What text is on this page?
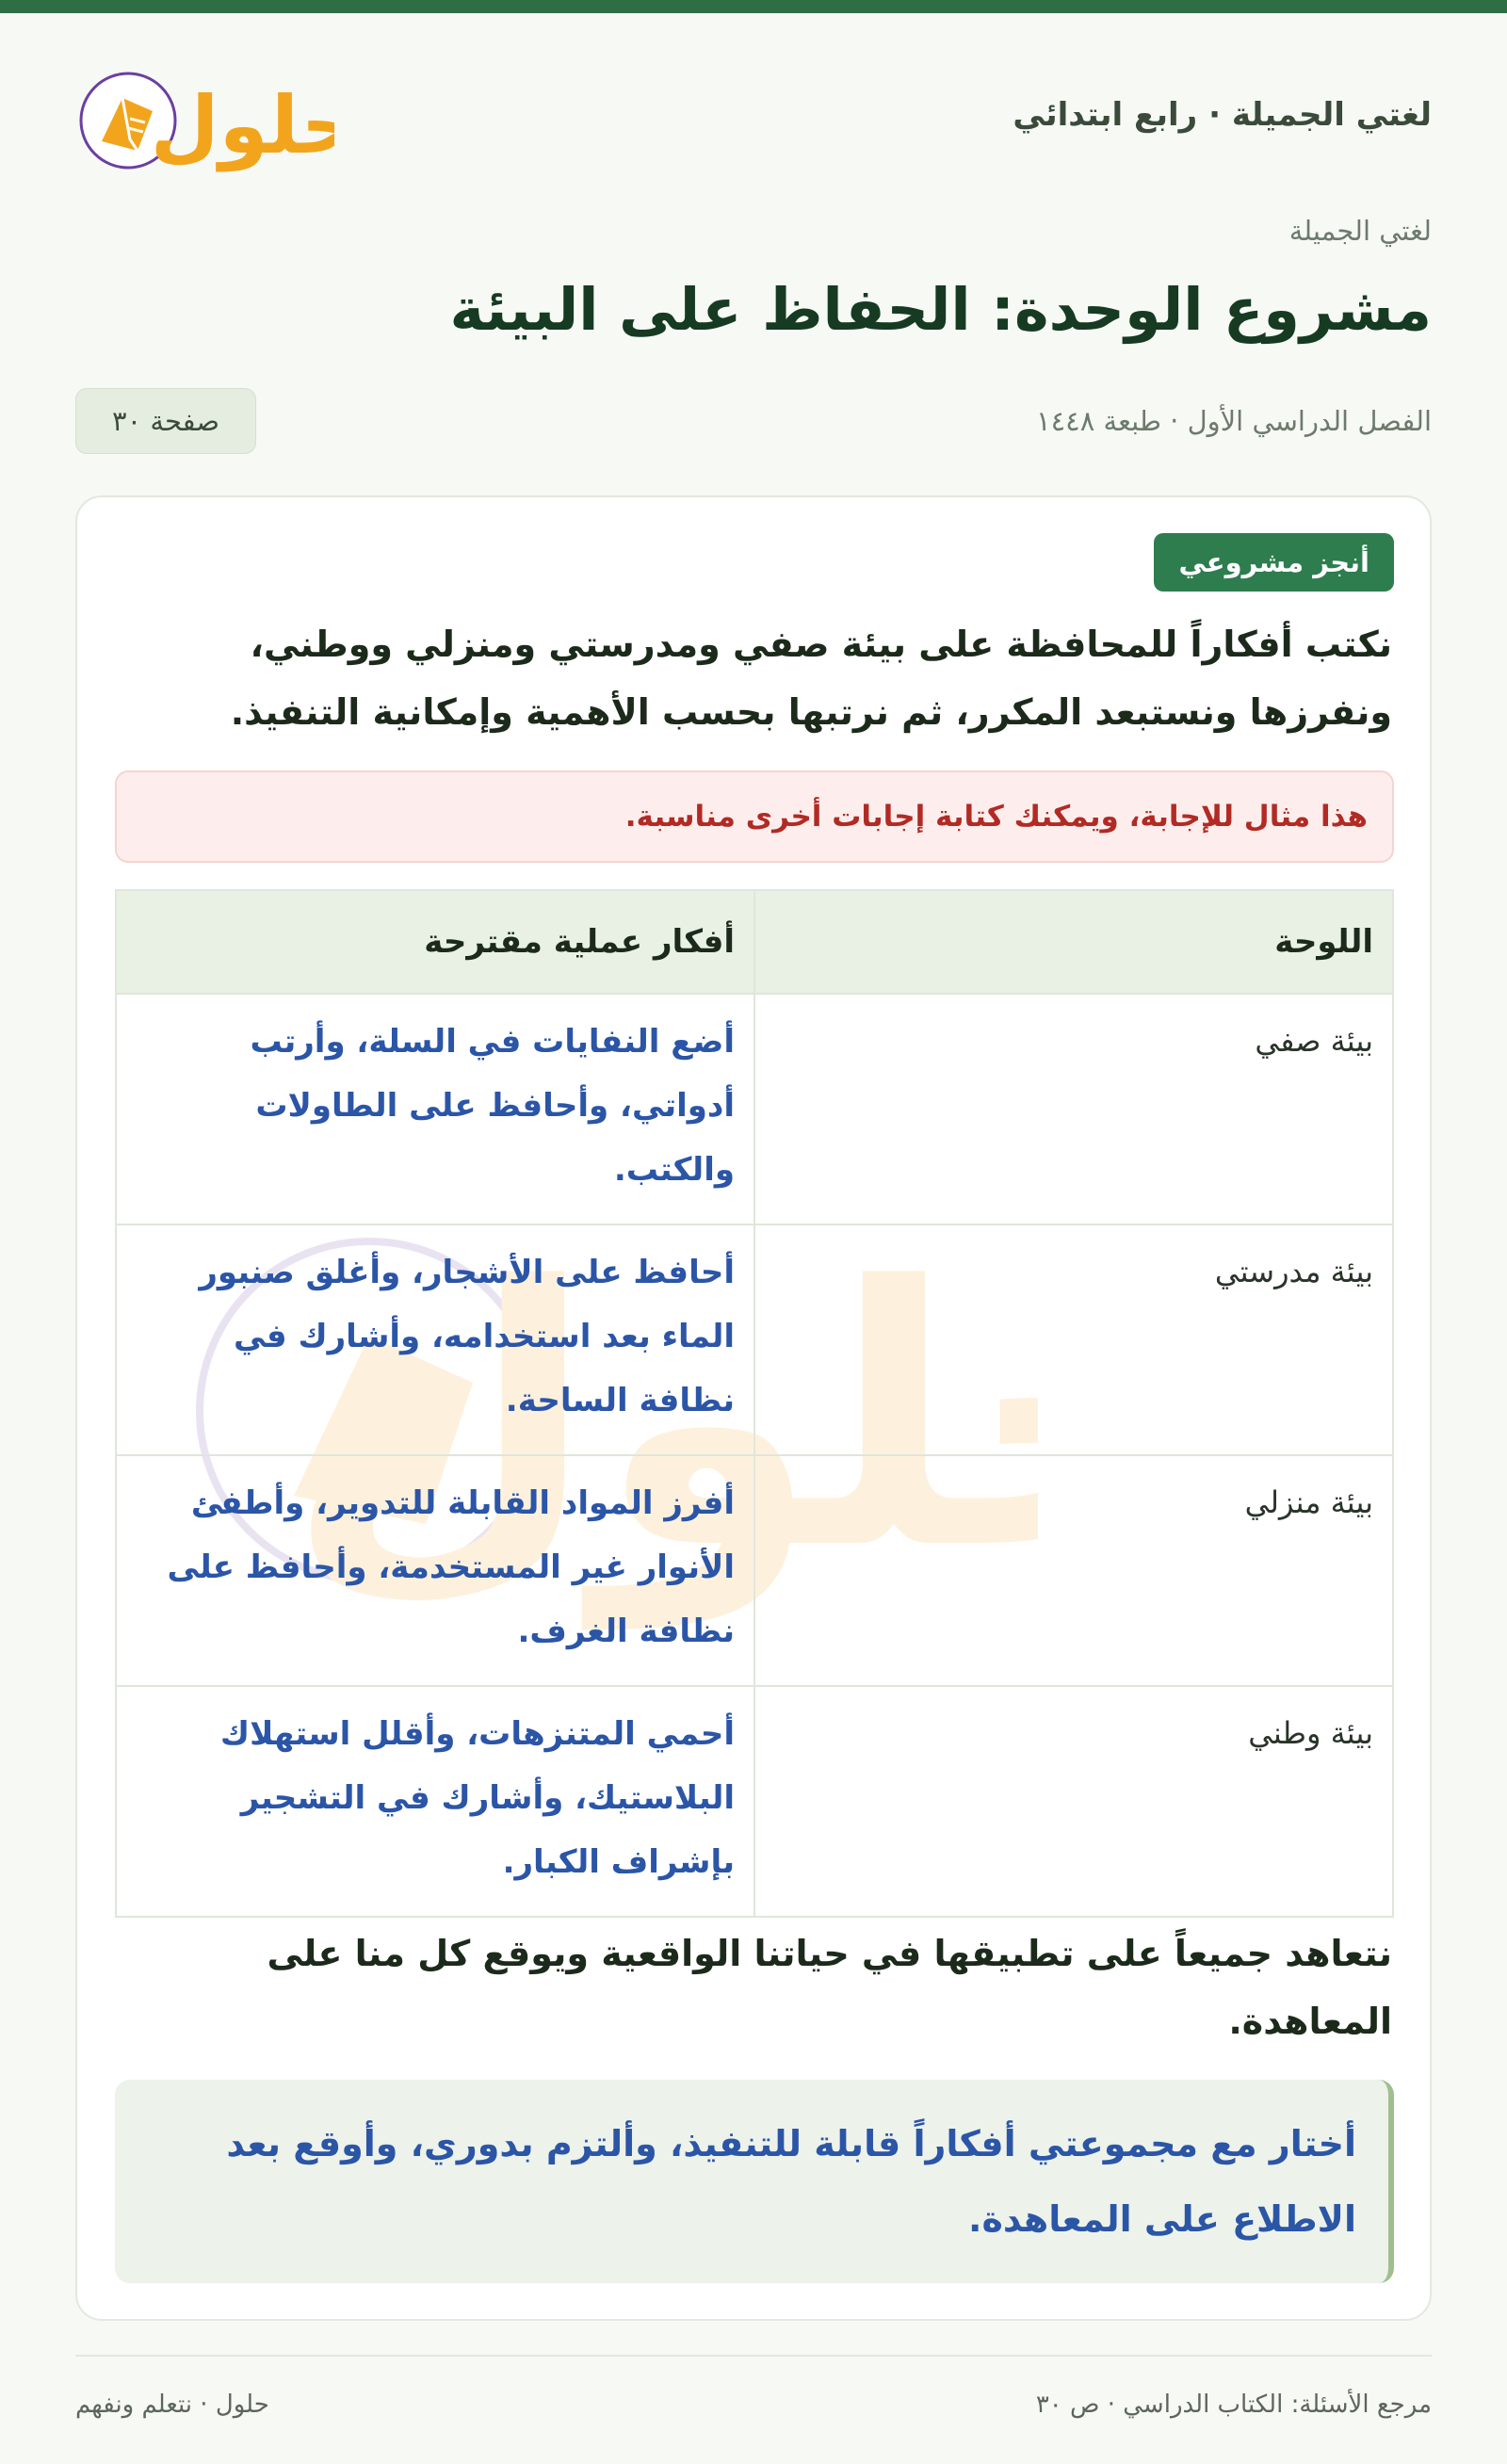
حلول	لغتي الجميلة · رابع ابتدائي
لغتي الجميلة
مشروع الوحدة: الحفاظ على البيئة
الفصل الدراسي الأول · طبعة ١٤٤٨
صفحة ٣٠
لول
أنجز مشروعي

نكتب أفكاراً للمحافظة على بيئة صفي ومدرستي ومنزلي ووطني، ونفرزها ونستبعد المكرر، ثم نرتبها بحسب الأهمية وإمكانية التنفيذ.

هذا مثال للإجابة، ويمكنك كتابة إجابات أخرى مناسبة.
اللوحة	أفكار عملية مقترحة
بيئة صفي	أضع النفايات في السلة، وأرتب أدواتي، وأحافظ على الطاولات والكتب.

بيئة مدرستي	أحافظ على الأشجار، وأغلق صنبور الماء بعد استخدامه، وأشارك في نظافة الساحة.

بيئة منزلي	أفرز المواد القابلة للتدوير، وأطفئ الأنوار غير المستخدمة، وأحافظ على نظافة الغرف.

بيئة وطني	أحمي المتنزهات، وأقلل استهلاك البلاستيك، وأشارك في التشجير بإشراف الكبار.

نتعاهد جميعاً على تطبيقها في حياتنا الواقعية ويوقع كل منا على المعاهدة.

أختار مع مجموعتي أفكاراً قابلة للتنفيذ، وألتزم بدوري، وأوقع بعد الاطلاع على المعاهدة.
مرجع الأسئلة: الكتاب الدراسي · ص ٣٠
حلول · نتعلم ونفهم
